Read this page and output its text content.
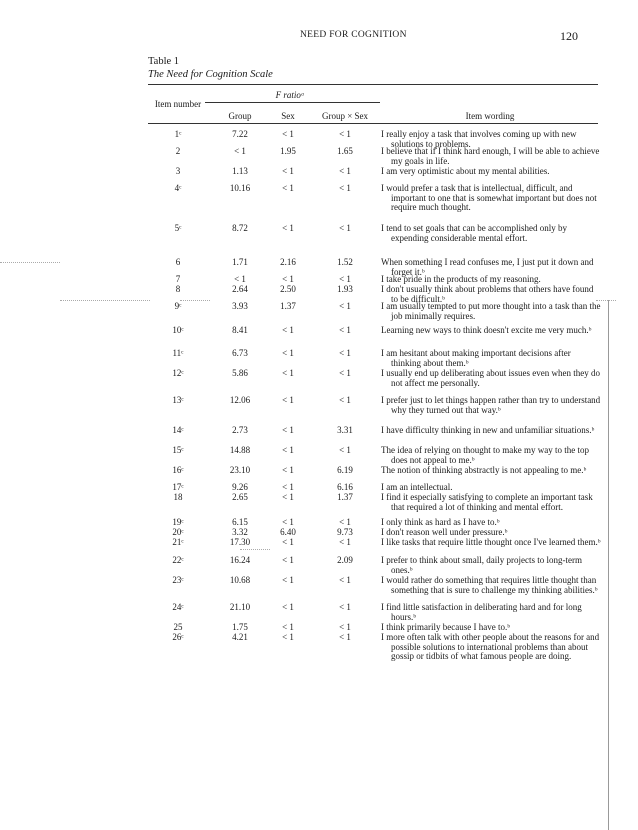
NEED FOR COGNITION	120
Table 1
The Need for Cognition Scale
F ratioᵃ
Item number
Group	Sex	Group × Sex	Item wording
1ᶜ	7.22	< 1	< 1	I really enjoy a task that involves coming up with new solutions to problems.
2	< 1	1.95	1.65	I believe that if I think hard enough, I will be able to achieve my goals in life.
3	1.13	< 1	< 1	I am very optimistic about my mental abilities.
4ᶜ	10.16	< 1	< 1	I would prefer a task that is intellectual, difficult, and important to one that is somewhat important but does not require much thought.
5ᶜ	8.72	< 1	< 1	I tend to set goals that can be accomplished only by expending considerable mental effort.
6	1.71	2.16	1.52	When something I read confuses me, I just put it down and forget it.ᵇ
7	< 1	< 1	< 1	I take pride in the products of my reasoning.
8	2.64	2.50	1.93	I don't usually think about problems that others have found to be difficult.ᵇ
9ᶜ	3.93	1.37	< 1	I am usually tempted to put more thought into a task than the job minimally requires.
10ᶜ	8.41	< 1	< 1	Learning new ways to think doesn't excite me very much.ᵇ
11ᶜ	6.73	< 1	< 1	I am hesitant about making important decisions after thinking about them.ᵇ
12ᶜ	5.86	< 1	< 1	I usually end up deliberating about issues even when they do not affect me personally.
13ᶜ	12.06	< 1	< 1	I prefer just to let things happen rather than try to understand why they turned out that way.ᵇ
14ᶜ	2.73	< 1	3.31	I have difficulty thinking in new and unfamiliar situations.ᵇ
15ᶜ	14.88	< 1	< 1	The idea of relying on thought to make my way to the top does not appeal to me.ᵇ
16ᶜ	23.10	< 1	6.19	The notion of thinking abstractly is not appealing to me.ᵇ
17ᶜ	9.26	< 1	6.16	I am an intellectual.
18	2.65	< 1	1.37	I find it especially satisfying to complete an important task that required a lot of thinking and mental effort.
19ᶜ	6.15	< 1	< 1	I only think as hard as I have to.ᵇ
20ᶜ	3.32	6.40	9.73	I don't reason well under pressure.ᵇ
21ᶜ	17.30	< 1	< 1	I like tasks that require little thought once I've learned them.ᵇ
22ᶜ	16.24	< 1	2.09	I prefer to think about small, daily projects to long-term ones.ᵇ
23ᶜ	10.68	< 1	< 1	I would rather do something that requires little thought than something that is sure to challenge my thinking abilities.ᵇ
24ᶜ	21.10	< 1	< 1	I find little satisfaction in deliberating hard and for long hours.ᵇ
25	1.75	< 1	< 1	I think primarily because I have to.ᵇ
26ᶜ	4.21	< 1	< 1	I more often talk with other people about the reasons for and possible solutions to international problems than about gossip or tidbits of what famous people are doing.
